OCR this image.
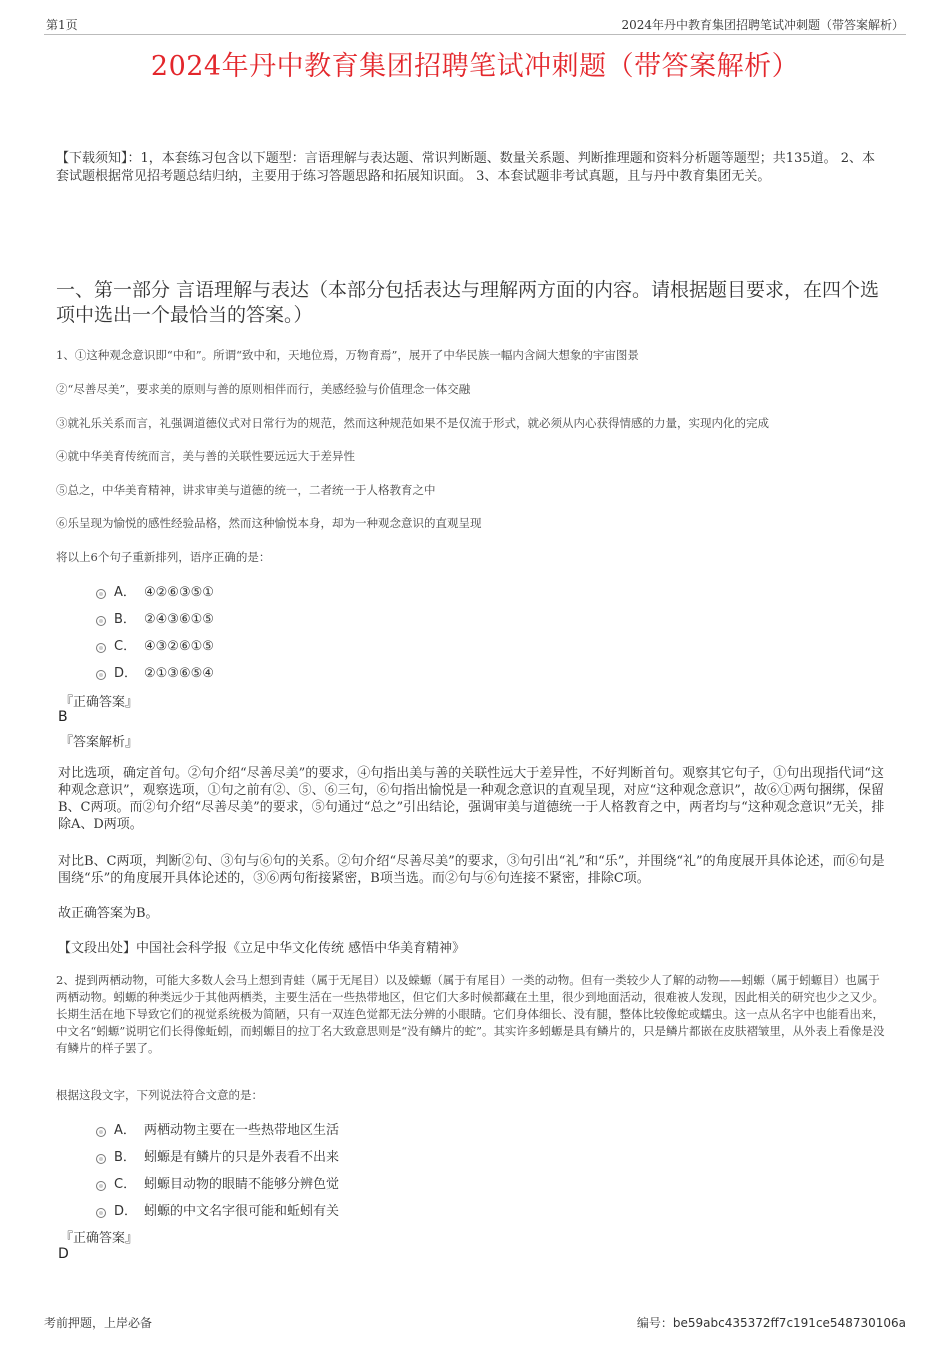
第1页	2024年丹中教育集团招聘笔试冲刺题（带答案解析）
2024年丹中教育集团招聘笔试冲刺题（带答案解析）
【下载须知】：1，本套练习包含以下题型：言语理解与表达题、常识判断题、数量关系题、判断推理题和资料分析题等题型；共135道。 2、本套试题根据常见招考题总结归纳，主要用于练习答题思路和拓展知识面。 3、本套试题非考试真题，且与丹中教育集团无关。
一、第一部分 言语理解与表达（本部分包括表达与理解两方面的内容。请根据题目要求，在四个选项中选出一个最恰当的答案。）
1、①这种观念意识即“中和”。所谓“致中和，天地位焉，万物育焉”，展开了中华民族一幅内含阔大想象的宇宙图景
②“尽善尽美”，要求美的原则与善的原则相伴而行，美感经验与价值理念一体交融
③就礼乐关系而言，礼强调道德仪式对日常行为的规范，然而这种规范如果不是仅流于形式，就必须从内心获得情感的力量，实现内化的完成
④就中华美育传统而言，美与善的关联性要远远大于差异性
⑤总之，中华美育精神，讲求审美与道德的统一，二者统一于人格教育之中
⑥乐呈现为愉悦的感性经验品格，然而这种愉悦本身，却为一种观念意识的直观呈现
将以上6个句子重新排列，语序正确的是：
A． ④②⑥③⑤①
B． ②④③⑥①⑤
C． ④③②⑥①⑤
D． ②①③⑥⑤④
『正确答案』
B
『答案解析』
对比选项，确定首句。②句介绍“尽善尽美”的要求，④句指出美与善的关联性远大于差异性，不好判断首句。观察其它句子，①句出现指代词“这种观念意识”，观察选项，①句之前有②、⑤、⑥三句，⑥句指出愉悦是一种观念意识的直观呈现，对应“这种观念意识”，故⑥①两句捆绑，保留B、C两项。而②句介绍“尽善尽美”的要求，⑤句通过“总之”引出结论，强调审美与道德统一于人格教育之中，两者均与“这种观念意识”无关，排除A、D两项。
对比B、C两项，判断②句、③句与⑥句的关系。②句介绍“尽善尽美”的要求，③句引出“礼”和“乐”，并围绕“礼”的角度展开具体论述，而⑥句是围绕“乐”的角度展开具体论述的，③⑥两句衔接紧密，B项当选。而②句与⑥句连接不紧密，排除C项。
故正确答案为B。
【文段出处】中国社会科学报《立足中华文化传统 感悟中华美育精神》
2、提到两栖动物，可能大多数人会马上想到青蛙（属于无尾目）以及蝾螈（属于有尾目）一类的动物。但有一类较少人了解的动物——蚓螈（属于蚓螈目）也属于两栖动物。蚓螈的种类远少于其他两栖类，主要生活在一些热带地区，但它们大多时候都藏在土里，很少到地面活动，很难被人发现，因此相关的研究也少之又少。长期生活在地下导致它们的视觉系统极为简陋，只有一双连色觉都无法分辨的小眼睛。它们身体细长、没有腿，整体比较像蛇或蠕虫。这一点从名字中也能看出来，中文名“蚓螈”说明它们长得像蚯蚓，而蚓螈目的拉丁名大致意思则是“没有鳞片的蛇”。其实许多蚓螈是具有鳞片的，只是鳞片都嵌在皮肤褶皱里，从外表上看像是没有鳞片的样子罢了。
根据这段文字，下列说法符合文意的是：
A． 两栖动物主要在一些热带地区生活
B． 蚓螈是有鳞片的只是外表看不出来
C． 蚓螈目动物的眼睛不能够分辨色觉
D． 蚓螈的中文名字很可能和蚯蚓有关
『正确答案』
D
考前押题，上岸必备	编号：be59abc435372ff7c191ce548730106a
